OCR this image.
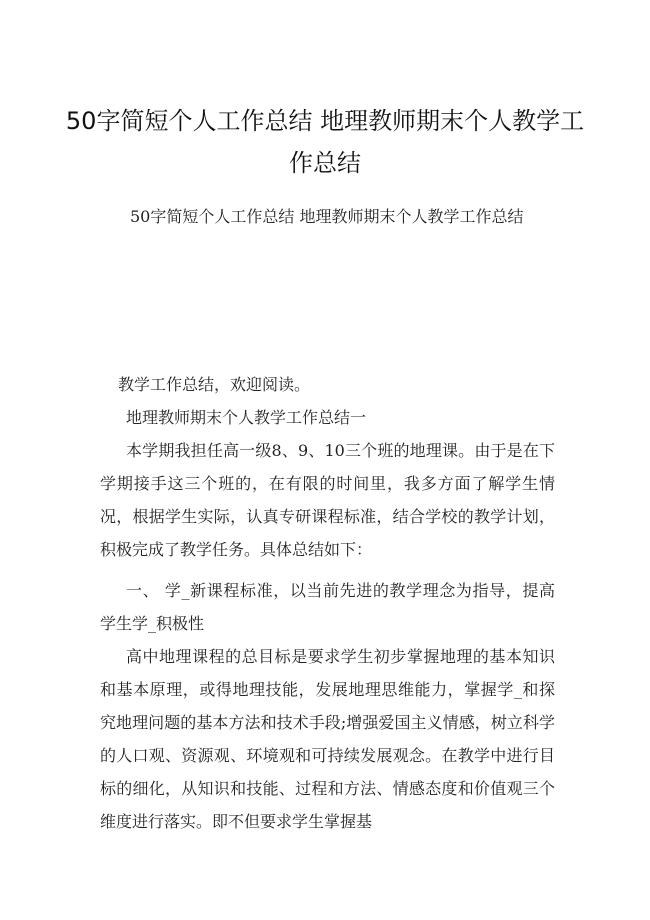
50字简短个人工作总结 地理教师期末个人教学工作总结

50字简短个人工作总结 地理教师期末个人教学工作总结

教学工作总结，欢迎阅读。

地理教师期末个人教学工作总结一

本学期我担任高一级8、9、10三个班的地理课。由于是在下学期接手这三个班的，在有限的时间里，我多方面了解学生情况，根据学生实际，认真专研课程标准，结合学校的教学计划，积极完成了教学任务。具体总结如下：

一、 学_新课程标准，以当前先进的教学理念为指导，提高学生学_积极性

高中地理课程的总目标是要求学生初步掌握地理的基本知识和基本原理，或得地理技能，发展地理思维能力，掌握学_和探究地理问题的基本方法和技术手段;增强爱国主义情感，树立科学的人口观、资源观、环境观和可持续发展观念。在教学中进行目标的细化，从知识和技能、过程和方法、情感态度和价值观三个维度进行落实。即不但要求学生掌握基
